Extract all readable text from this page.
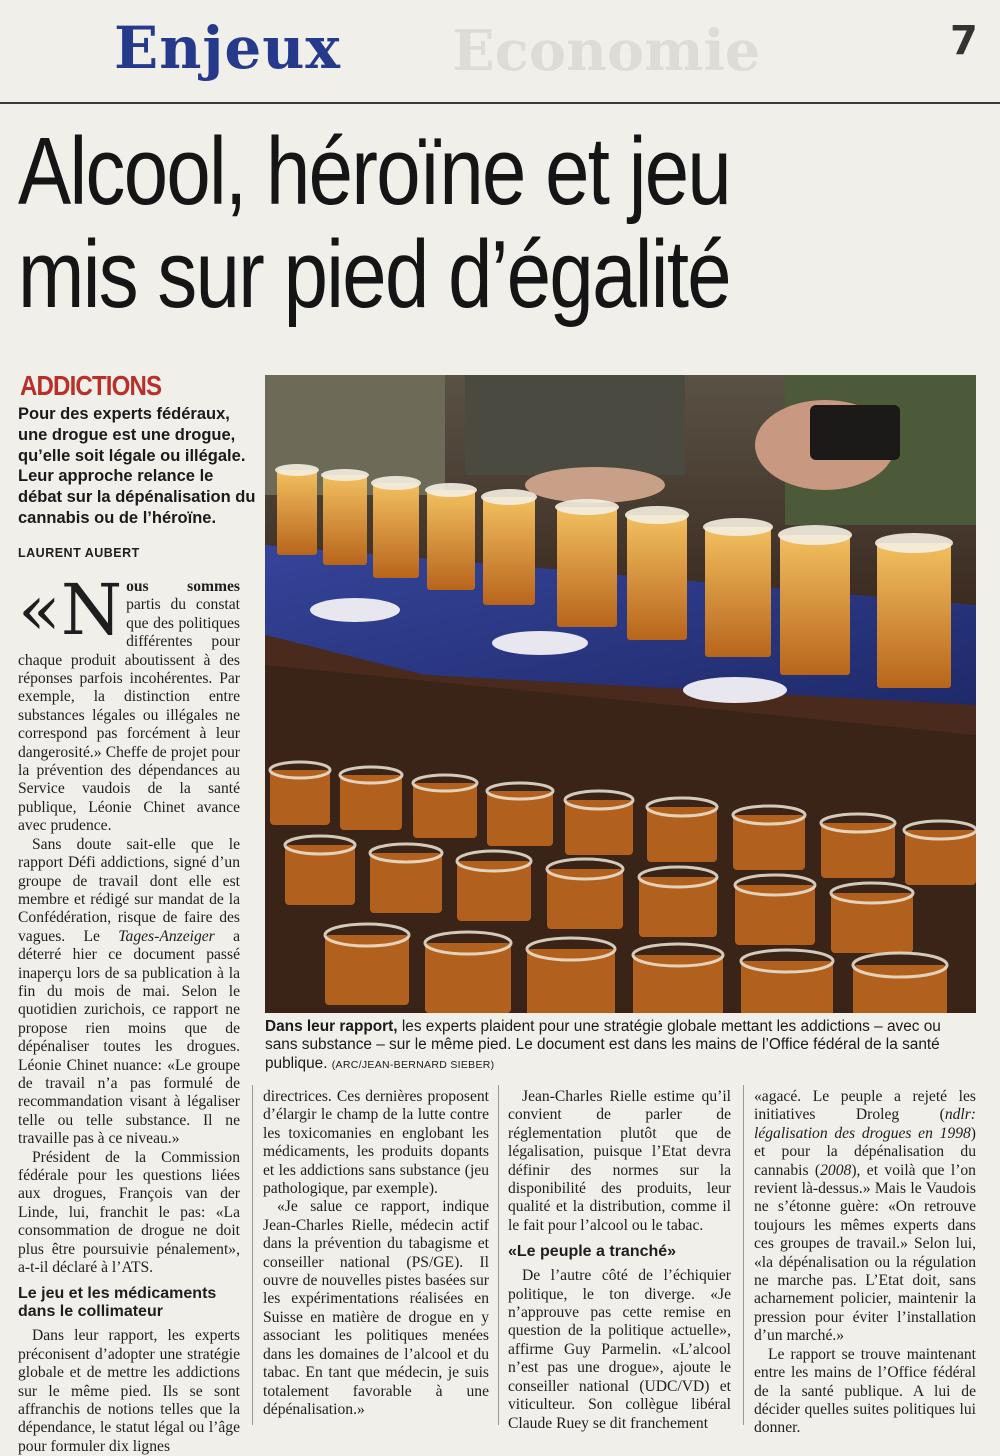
Economie
Enjeux	7
Alcool, héroïne et jeu
mis sur pied d’égalité
ADDICTIONS
Pour des experts fédéraux, une drogue est une drogue, qu’elle soit légale ou illégale. Leur approche relance le débat sur la dépénalisation du cannabis ou de l’héroïne.
LAURENT AUBERT

«Nous sommes partis du constat que des politiques différentes pour chaque produit aboutissent à des réponses parfois incohérentes. Par exemple, la distinction entre substances légales ou illégales ne correspond pas forcément à leur dangerosité.» Cheffe de projet pour la prévention des dépendances au Service vaudois de la santé publique, Léonie Chinet avance avec prudence.

Sans doute sait-elle que le rapport Défi addictions, signé d’un groupe de travail dont elle est membre et rédigé sur mandat de la Confédération, risque de faire des vagues. Le Tages-Anzeiger a déterré hier ce document passé inaperçu lors de sa publication à la fin du mois de mai. Selon le quotidien zurichois, ce rapport ne propose rien moins que de dépénaliser toutes les drogues. Léonie Chinet nuance: «Le groupe de travail n’a pas formulé de recommandation visant à légaliser telle ou telle substance. Il ne travaille pas à ce niveau.»

Président de la Commission fédérale pour les questions liées aux drogues, François van der Linde, lui, franchit le pas: «La consommation de drogue ne doit plus être poursuivie pénalement», a-t-il déclaré à l’ATS.

Le jeu et les médicaments dans le collimateur

Dans leur rapport, les experts préconisent d’adopter une stratégie globale et de mettre les addictions sur le même pied. Ils se sont affranchis de notions telles que la dépendance, le statut légal ou l’âge pour formuler dix lignes

Dans leur rapport, les experts plaident pour une stratégie globale mettant les addictions – avec ou sans substance – sur le même pied. Le document est dans les mains de l’Office fédéral de la santé publique. (ARC/JEAN-BERNARD SIEBER)

directrices. Ces dernières proposent d’élargir le champ de la lutte contre les toxicomanies en englobant les médicaments, les produits dopants et les addictions sans substance (jeu pathologique, par exemple).

«Je salue ce rapport, indique Jean-Charles Rielle, médecin actif dans la prévention du tabagisme et conseiller national (PS/GE). Il ouvre de nouvelles pistes basées sur les expérimentations réalisées en Suisse en matière de drogue en y associant les politiques menées dans les domaines de l’alcool et du tabac. En tant que médecin, je suis totalement favorable à une dépénalisation.»

Jean-Charles Rielle estime qu’il convient de parler de réglementation plutôt que de légalisation, puisque l’Etat devra définir des normes sur la disponibilité des produits, leur qualité et la distribution, comme il le fait pour l’alcool ou le tabac.

«Le peuple a tranché»

De l’autre côté de l’échiquier politique, le ton diverge. «Je n’approuve pas cette remise en question de la politique actuelle», affirme Guy Parmelin. «L’alcool n’est pas une drogue», ajoute le conseiller national (UDC/VD) et viticulteur. Son collègue libéral Claude Ruey se dit franchement

«agacé. Le peuple a rejeté les initiatives Droleg (ndlr: légalisation des drogues en 1998) et pour la dépénalisation du cannabis (2008), et voilà que l’on revient là-dessus.» Mais le Vaudois ne s’étonne guère: «On retrouve toujours les mêmes experts dans ces groupes de travail.» Selon lui, «la dépénalisation ou la régulation ne marche pas. L’Etat doit, sans acharnement policier, maintenir la pression pour éviter l’installation d’un marché.»

Le rapport se trouve maintenant entre les mains de l’Office fédéral de la santé publique. A lui de décider quelles suites politiques lui donner.
